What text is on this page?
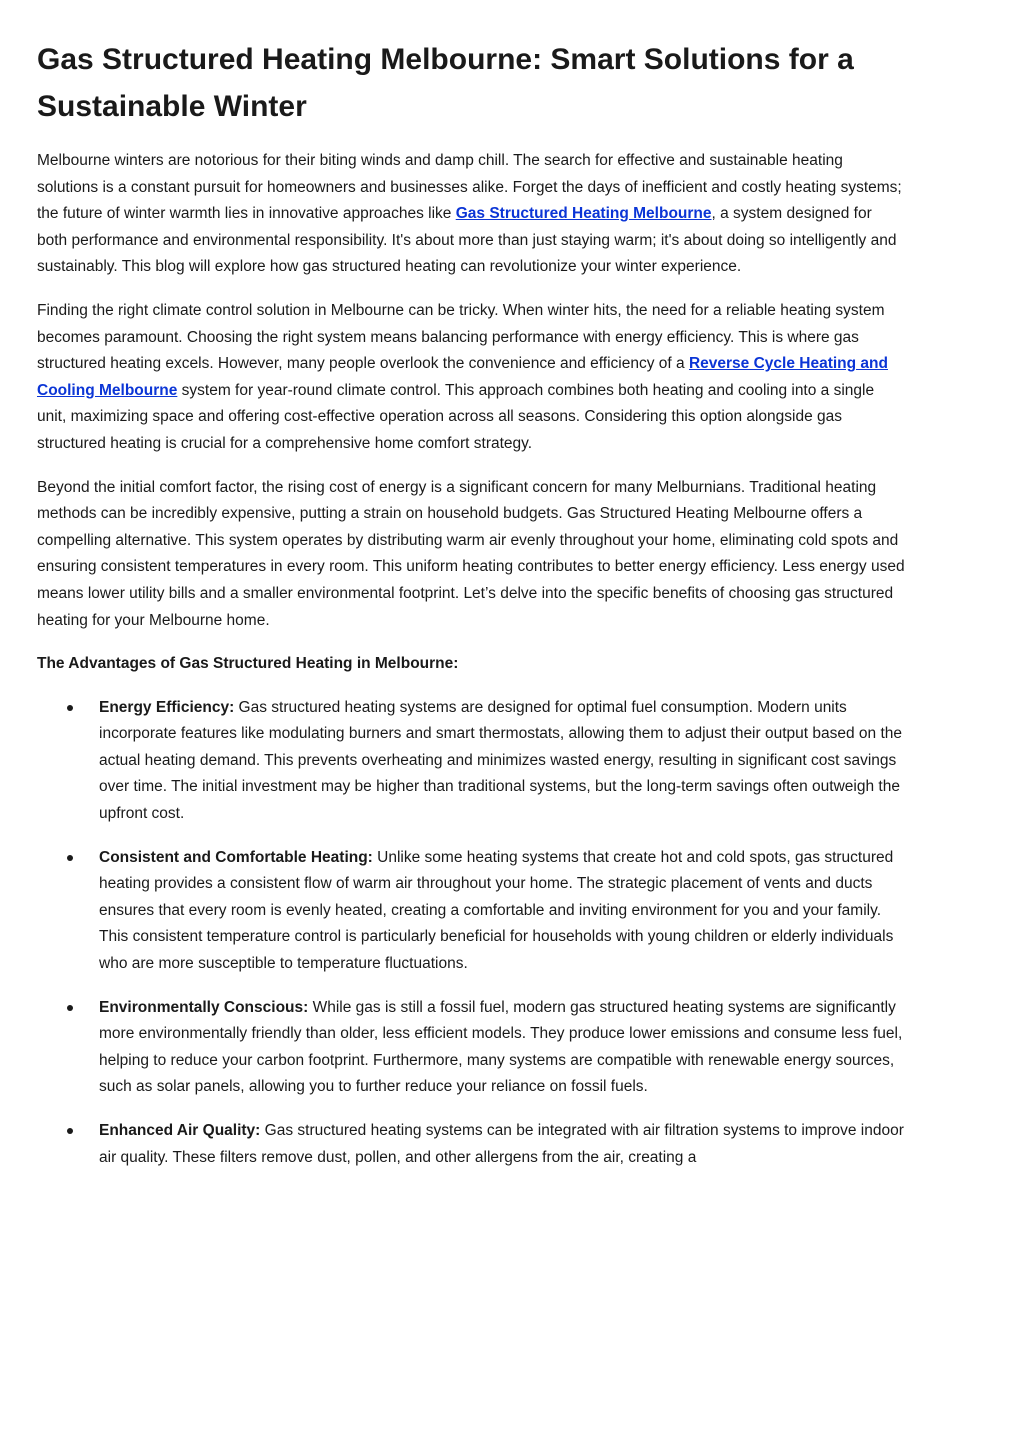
Gas Structured Heating Melbourne: Smart Solutions for a Sustainable Winter

Melbourne winters are notorious for their biting winds and damp chill. The search for effective and sustainable heating solutions is a constant pursuit for homeowners and businesses alike. Forget the days of inefficient and costly heating systems; the future of winter warmth lies in innovative approaches like Gas Structured Heating Melbourne, a system designed for both performance and environmental responsibility. It's about more than just staying warm; it's about doing so intelligently and sustainably. This blog will explore how gas structured heating can revolutionize your winter experience.

Finding the right climate control solution in Melbourne can be tricky. When winter hits, the need for a reliable heating system becomes paramount. Choosing the right system means balancing performance with energy efficiency. This is where gas structured heating excels. However, many people overlook the convenience and efficiency of a Reverse Cycle Heating and Cooling Melbourne system for year-round climate control. This approach combines both heating and cooling into a single unit, maximizing space and offering cost-effective operation across all seasons. Considering this option alongside gas structured heating is crucial for a comprehensive home comfort strategy.

Beyond the initial comfort factor, the rising cost of energy is a significant concern for many Melburnians. Traditional heating methods can be incredibly expensive, putting a strain on household budgets. Gas Structured Heating Melbourne offers a compelling alternative. This system operates by distributing warm air evenly throughout your home, eliminating cold spots and ensuring consistent temperatures in every room. This uniform heating contributes to better energy efficiency. Less energy used means lower utility bills and a smaller environmental footprint. Let’s delve into the specific benefits of choosing gas structured heating for your Melbourne home.

The Advantages of Gas Structured Heating in Melbourne:

Energy Efficiency: Gas structured heating systems are designed for optimal fuel consumption. Modern units incorporate features like modulating burners and smart thermostats, allowing them to adjust their output based on the actual heating demand. This prevents overheating and minimizes wasted energy, resulting in significant cost savings over time. The initial investment may be higher than traditional systems, but the long-term savings often outweigh the upfront cost.
Consistent and Comfortable Heating: Unlike some heating systems that create hot and cold spots, gas structured heating provides a consistent flow of warm air throughout your home. The strategic placement of vents and ducts ensures that every room is evenly heated, creating a comfortable and inviting environment for you and your family. This consistent temperature control is particularly beneficial for households with young children or elderly individuals who are more susceptible to temperature fluctuations.
Environmentally Conscious: While gas is still a fossil fuel, modern gas structured heating systems are significantly more environmentally friendly than older, less efficient models. They produce lower emissions and consume less fuel, helping to reduce your carbon footprint. Furthermore, many systems are compatible with renewable energy sources, such as solar panels, allowing you to further reduce your reliance on fossil fuels.
Enhanced Air Quality: Gas structured heating systems can be integrated with air filtration systems to improve indoor air quality. These filters remove dust, pollen, and other allergens from the air, creating a
